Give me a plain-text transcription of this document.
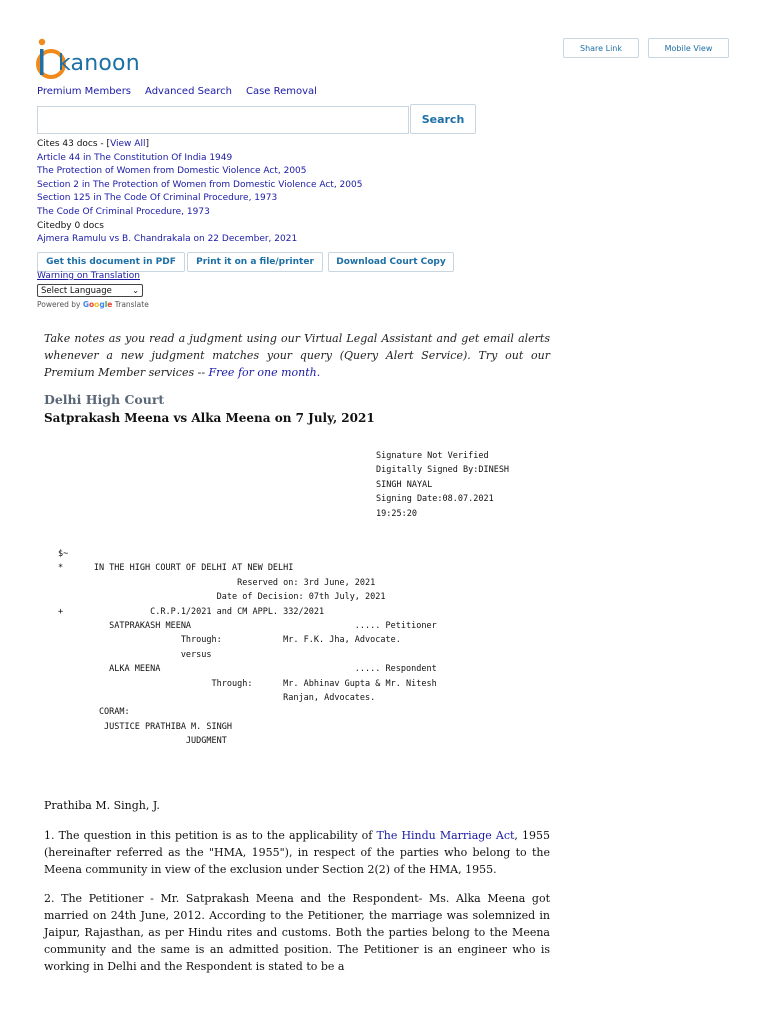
kanoon
Share Link	Mobile View
Premium Members Advanced Search Case Removal
Search
Cites 43 docs - [View All]
Article 44 in The Constitution Of India 1949
The Protection of Women from Domestic Violence Act, 2005
Section 2 in The Protection of Women from Domestic Violence Act, 2005
Section 125 in The Code Of Criminal Procedure, 1973
The Code Of Criminal Procedure, 1973
Citedby 0 docs
Ajmera Ramulu vs B. Chandrakala on 22 December, 2021
Get this document in PDF	Print it on a file/printer	Download Court Copy
Warning on Translation
Select Language	⌄
Powered by Google Translate
Take notes as you read a judgment using our Virtual Legal Assistant and get email alerts whenever a new judgment matches your query (Query Alert Service). Try out our Premium Member services -- Free for one month.
Delhi High Court
Satprakash Meena vs Alka Meena on 7 July, 2021
Signature Not Verified
Digitally Signed By:DINESH
SINGH NAYAL
Signing Date:08.07.2021
19:25:20
$~
*      IN THE HIGH COURT OF DELHI AT NEW DELHI
Reserved on: 3rd June, 2021
Date of Decision: 07th July, 2021
+                 C.R.P.1/2021 and CM APPL. 332/2021
SATPRAKASH MEENA                                ..... Petitioner
Through:            Mr. F.K. Jha, Advocate.
versus
ALKA MEENA                                      ..... Respondent
Through:      Mr. Abhinav Gupta & Mr. Nitesh
Ranjan, Advocates.
CORAM:
JUSTICE PRATHIBA M. SINGH
JUDGMENT
Prathiba M. Singh, J.
1. The question in this petition is as to the applicability of The Hindu Marriage Act, 1955 (hereinafter referred as the "HMA, 1955"), in respect of the parties who belong to the Meena community in view of the exclusion under Section 2(2) of the HMA, 1955.
2. The Petitioner - Mr. Satprakash Meena and the Respondent- Ms. Alka Meena got married on 24th June, 2012. According to the Petitioner, the marriage was solemnized in Jaipur, Rajasthan, as per Hindu rites and customs. Both the parties belong to the Meena community and the same is an admitted position. The Petitioner is an engineer who is working in Delhi and the Respondent is stated to be a
